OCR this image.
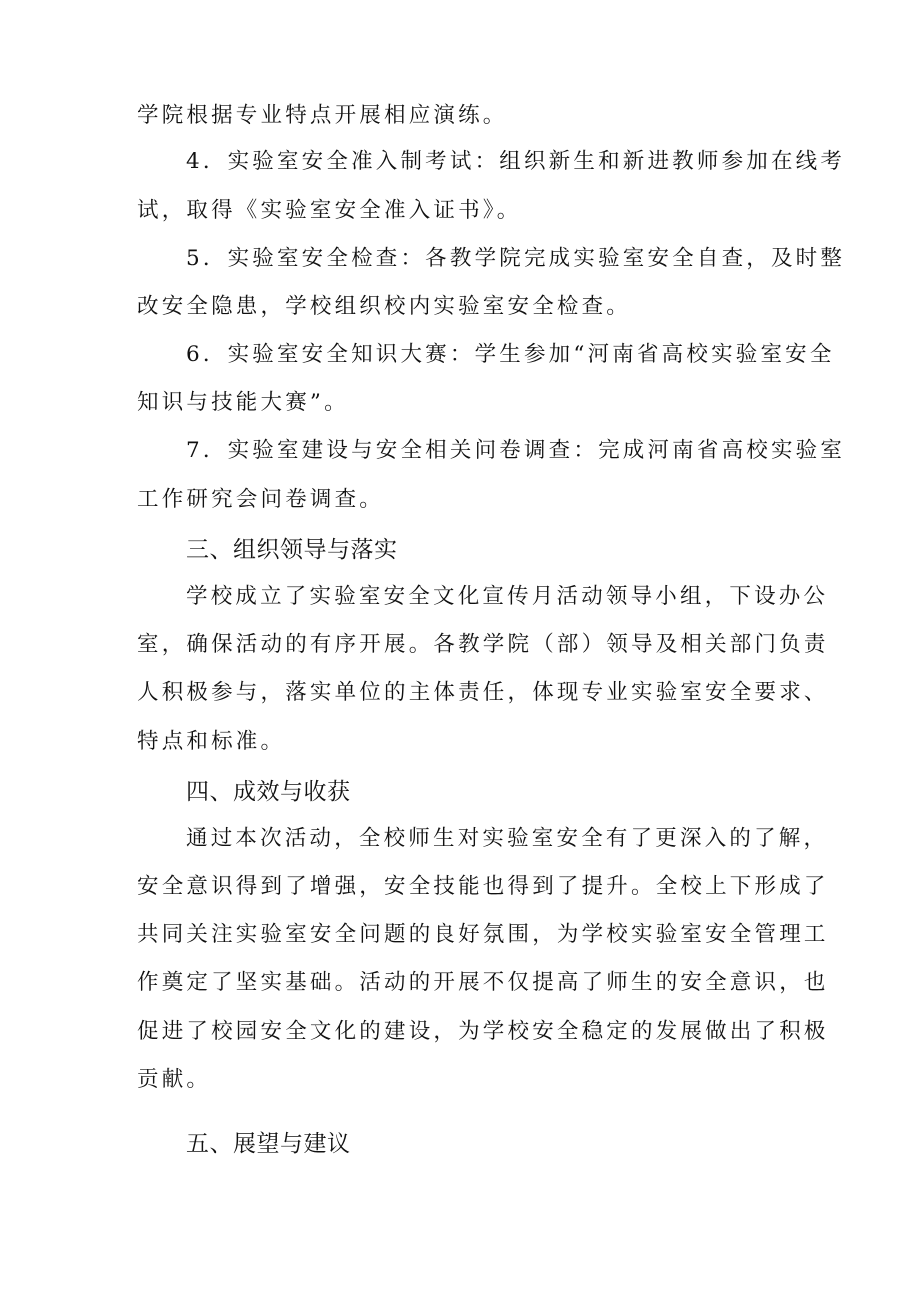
学院根据专业特点开展相应演练。
4．实验室安全准入制考试：组织新生和新进教师参加在线考
试，取得《实验室安全准入证书》。
5．实验室安全检查：各教学院完成实验室安全自查，及时整
改安全隐患，学校组织校内实验室安全检查。
6．实验室安全知识大赛：学生参加“河南省高校实验室安全
知识与技能大赛”。
7．实验室建设与安全相关问卷调查：完成河南省高校实验室
工作研究会问卷调查。
三、组织领导与落实
学校成立了实验室安全文化宣传月活动领导小组，下设办公
室，确保活动的有序开展。各教学院（部）领导及相关部门负责
人积极参与，落实单位的主体责任，体现专业实验室安全要求、
特点和标准。
四、成效与收获
通过本次活动，全校师生对实验室安全有了更深入的了解，
安全意识得到了增强，安全技能也得到了提升。全校上下形成了
共同关注实验室安全问题的良好氛围，为学校实验室安全管理工
作奠定了坚实基础。活动的开展不仅提高了师生的安全意识，也
促进了校园安全文化的建设，为学校安全稳定的发展做出了积极
贡献。
五、展望与建议
